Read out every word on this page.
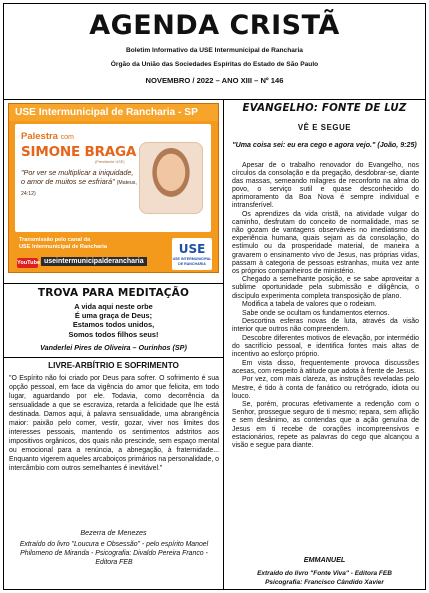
AGENDA CRISTÃ
Boletim Informativo da USE Intermunicipal de Rancharia
Órgão da União das Sociedades Espíritas do Estado de São Paulo
NOVEMBRO / 2022 – ANO XIII – Nº 146
USE Intermunicipal de Rancharia - SP
Palestra com
SIMONE BRAGA
(Presidente USE)
"Por ver se multiplicar a iniquidade, o amor de muitos se esfriará" (Mateus, 24:12)
Sábado - 19/11/2022 - 20h
Transmissão pelo canal da
USE Intermunicipal de Rancharia
YouTube useintermunicipalderancharia
USE
USE INTERMUNICIPAL DE RANCHARIA
TROVA PARA MEDITAÇÃO
A vida aqui neste orbe
É uma graça de Deus;
Estamos todos unidos,
Somos todos filhos seus!
Vanderlei Pires de Oliveira – Ourinhos (SP)
LIVRE-ARBÍTRIO E SOFRIMENTO
"O Espírito não foi criado por Deus para sofrer. O sofrimento é sua opção pessoal, em face da vigência do amor que felicita, em todo lugar, aguardando por ele. Todavia, como decorrência da sensualidade a que se escraviza, retarda a felicidade que lhe está destinada. Damos aqui, à palavra sensualidade, uma abrangência maior: paixão pelo comer, vestir, gozar, viver nos limites dos interesses pessoais, mantendo os sentimentos adstritos aos impositivos orgânicos, dos quais não prescinde, sem espaço mental ou emocional para a renúncia, a abnegação, à fraternidade... Enquanto vigerem aqueles arcaboiços primários na personalidade, o intercâmbio com outros semelhantes é inevitável."
Bezerra de Menezes
Extraído do livro "Loucura e Obsessão" - pelo espírito Manoel Philomeno de Miranda - Psicografia: Divaldo Pereira Franco - Editora FEB
EVANGELHO: FONTE DE LUZ
VÊ E SEGUE
"Uma coisa sei: eu era cego e agora vejo." (João, 9:25)

Apesar de o trabalho renovador do Evangelho, nos círculos da consolação e da pregação, desdobrar-se, diante das massas, semeando milagres de reconforto na alma do povo, o serviço sutil e quase desconhecido do aprimoramento da Boa Nova é sempre individual e intransferível.

Os aprendizes da vida cristã, na atividade vulgar do caminho, desfrutam do conceito de normalidade, mas se não gozam de vantagens observáveis no imediatismo da experiência humana, quais sejam as da consolação, do estímulo ou da prosperidade material, de maneira a gravarem o ensinamento vivo de Jesus, nas próprias vidas, passam à categoria de pessoas estranhas, muita vez ante os próprios companheiros de ministério.

Chegado a semelhante posição, e se sabe aproveitar a sublime oportunidade pela submissão e diligência, o discípulo experimenta completa transposição de plano.

Modifica a tabela de valores que o rodeiam.

Sabe onde se ocultam os fundamentos eternos.

Descortina esferas novas de luta, através da visão interior que outros não compreendem.

Descobre diferentes motivos de elevação, por intermédio do sacrifício pessoal, e identifica fontes mais altas de incentivo ao esforço próprio.

Em vista disso, frequentemente provoca discussões acesas, com respeito à atitude que adota à frente de Jesus.

Por vez, com mais clareza, as instruções reveladas pelo Mestre, é tido à conta de fanático ou retrógrado, idiota ou louco.

Se, porém, procuras efetivamente a redenção com o Senhor, prossegue seguro de ti mesmo; repara, sem aflição e sem desânimo, as contendas que a ação genuína de Jesus em ti recebe de corações incompreensivos e estacionários, repete as palavras do cego que alcançou a visão e segue para diante.

EMMANUEL
Extraído do livro "Fonte Viva" - Editora FEB
Psicografia: Francisco Cândido Xavier
